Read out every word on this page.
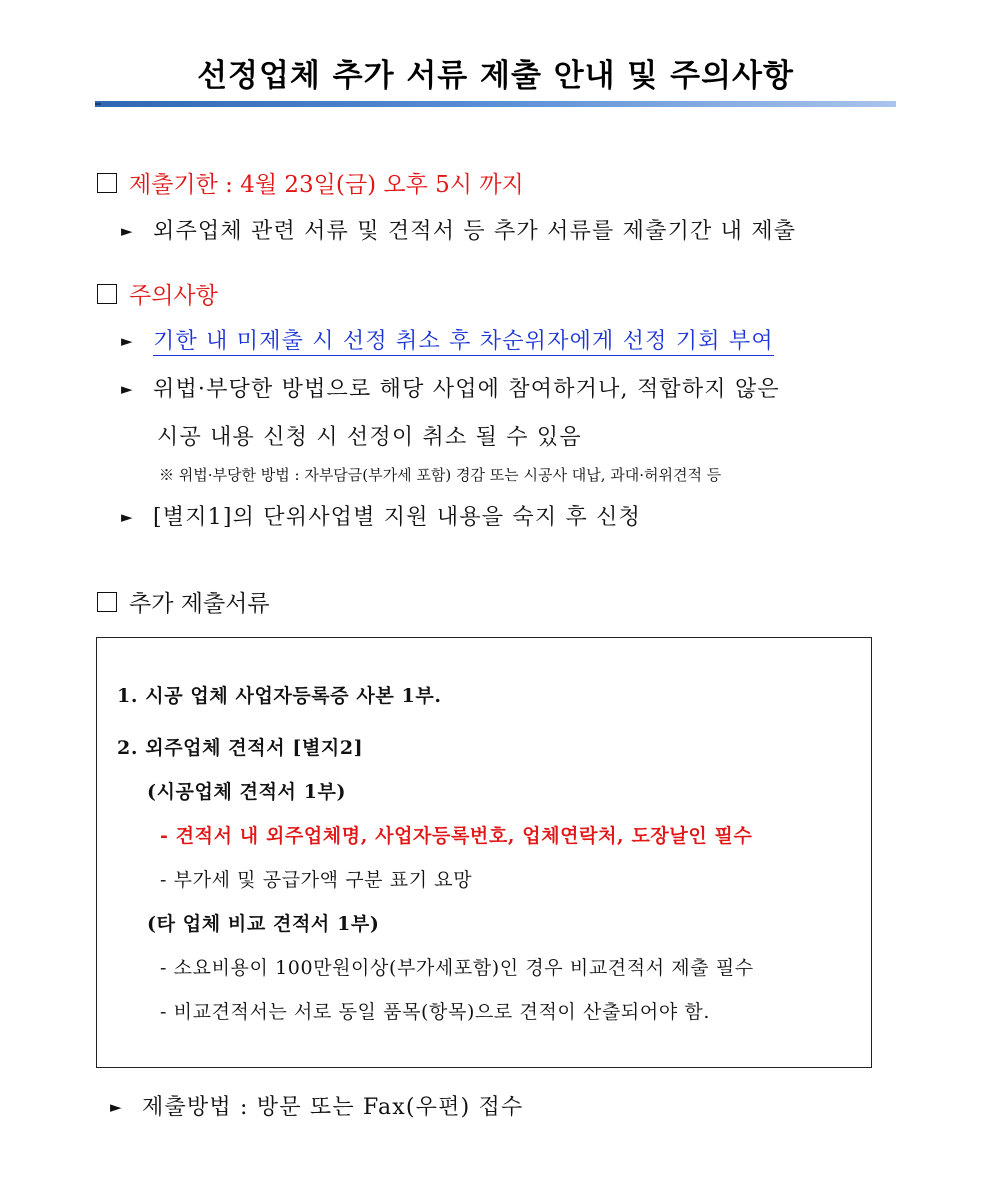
선정업체 추가 서류 제출 안내 및 주의사항
제출기한 : 4월 23일(금) 오후 5시 까지
► 외주업체 관련 서류 및 견적서 등 추가 서류를 제출기간 내 제출
주의사항
► 기한 내 미제출 시 선정 취소 후 차순위자에게 선정 기회 부여
► 위법·부당한 방법으로 해당 사업에 참여하거나, 적합하지 않은
시공 내용 신청 시 선정이 취소 될 수 있음
※ 위법·부당한 방법 : 자부담금(부가세 포함) 경감 또는 시공사 대납, 과대·허위견적 등
► [별지1]의 단위사업별 지원 내용을 숙지 후 신청
추가 제출서류
1. 시공 업체 사업자등록증 사본 1부.
2. 외주업체 견적서 [별지2]
(시공업체 견적서 1부)
- 견적서 내 외주업체명, 사업자등록번호, 업체연락처, 도장날인 필수
- 부가세 및 공급가액 구분 표기 요망
(타 업체 비교 견적서 1부)
- 소요비용이 100만원이상(부가세포함)인 경우 비교견적서 제출 필수
- 비교견적서는 서로 동일 품목(항목)으로 견적이 산출되어야 함.
► 제출방법 : 방문 또는 Fax(우편) 접수
